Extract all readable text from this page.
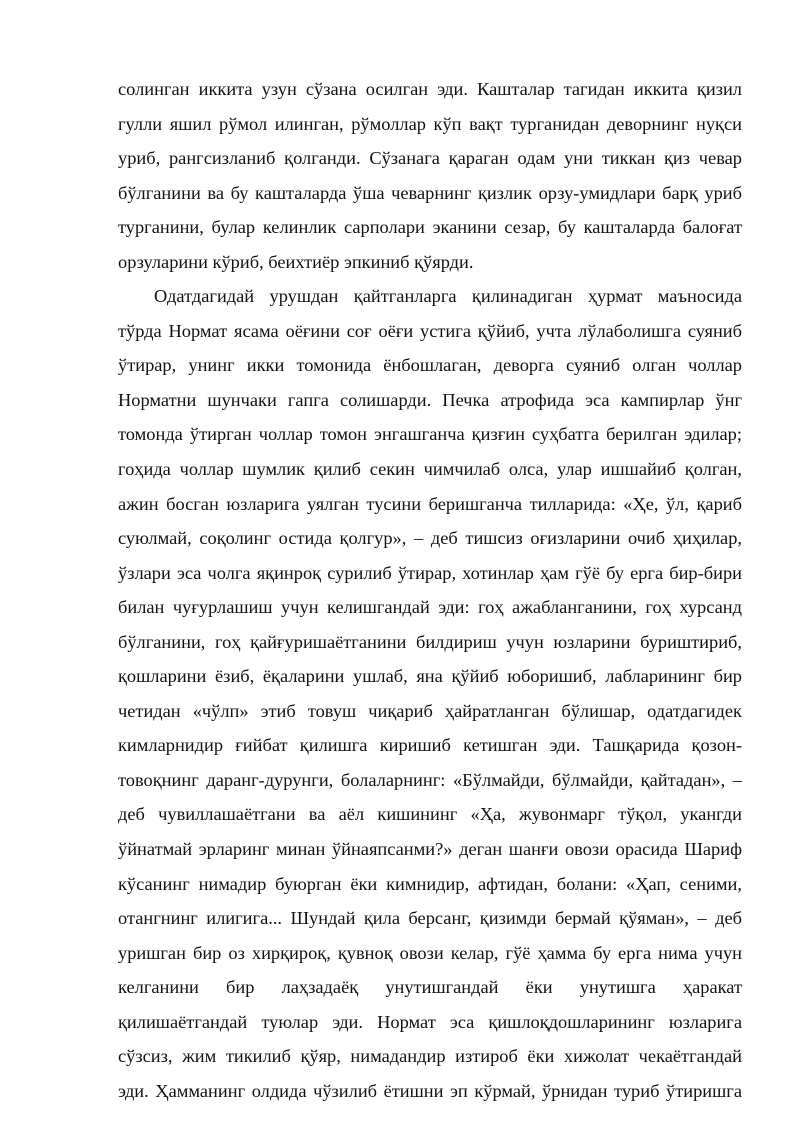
солинган иккита узун сўзана осилган эди. Кашталар тагидан иккита қизил

гулли яшил рўмол илинган, рўмоллар кўп вақт турганидан деворнинг нуқси

уриб, рангсизланиб қолганди. Сўзанага қараган одам уни тиккан қиз чевар

бўлганини ва бу кашталарда ўша чеварнинг қизлик орзу-умидлари барқ уриб

турганини, булар келинлик сарполари эканини сезар, бу кашталарда балоғат

орзуларини кўриб, беихтиёр эпкиниб қўярди.

Одатдагидай урушдан қайтганларга қилинадиган ҳурмат маъносида

тўрда Нормат ясама оёғини соғ оёғи устига қўйиб, учта лўлаболишга суяниб

ўтирар, унинг икки томонида ёнбошлаган, деворга суяниб олган чоллар

Норматни шунчаки гапга солишарди. Печка атрофида эса кампирлар ўнг

томонда ўтирган чоллар томон энгашганча қизғин суҳбатга берилган эдилар;

гоҳида чоллар шумлик қилиб секин чимчилаб олса, улар ишшайиб қолган,

ажин босган юзларига уялган тусини беришганча тилларида: «Ҳе, ўл, қариб

суюлмай, соқолинг остида қолгур», – деб тишсиз оғизларини очиб ҳиҳилар,

ўзлари эса чолга яқинроқ сурилиб ўтирар, хотинлар ҳам гўё бу ерга бир-бири

билан чуғурлашиш учун келишгандай эди: гоҳ ажабланганини, гоҳ хурсанд

бўлганини, гоҳ қайғуришаётганини билдириш учун юзларини буриштириб,

қошларини ёзиб, ёқаларини ушлаб, яна қўйиб юборишиб, лабларининг бир

четидан «чўлп» этиб товуш чиқариб ҳайратланган бўлишар, одатдагидек

кимларнидир ғийбат қилишга киришиб кетишган эди. Ташқарида қозон-

товоқнинг даранг-дурунги, болаларнинг: «Бўлмайди, бўлмайди, қайтадан», –

деб чувиллашаётгани ва аёл кишининг «Ҳа, жувонмарг тўқол, укангди

ўйнатмай эрларинг минан ўйнаяпсанми?» деган шанғи овози орасида Шариф

кўсанинг нимадир буюрган ёки кимнидир, афтидан, болани: «Ҳап, сеними,

отангнинг илигига... Шундай қила берсанг, қизимди бермай қўяман», – деб

уришган бир оз хирқироқ, қувноқ овози келар, гўё ҳамма бу ерга нима учун

келганини бир лаҳзадаёқ унутишгандай ёки унутишга ҳаракат

қилишаётгандай туюлар эди. Нормат эса қишлоқдошларининг юзларига

сўзсиз, жим тикилиб қўяр, нимадандир изтироб ёки хижолат чекаётгандай

эди. Ҳамманинг олдида чўзилиб ётишни эп кўрмай, ўрнидан туриб ўтиришга
